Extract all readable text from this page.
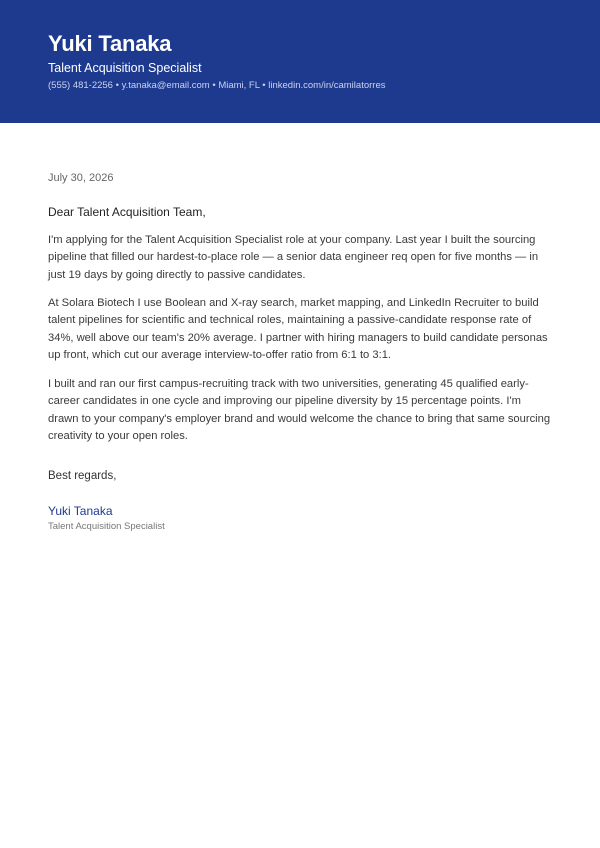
Yuki Tanaka
Talent Acquisition Specialist
(555) 481-2256 • y.tanaka@email.com • Miami, FL • linkedin.com/in/camilatorres
July 30, 2026
Dear Talent Acquisition Team,

I'm applying for the Talent Acquisition Specialist role at your company. Last year I built the sourcing pipeline that filled our hardest-to-place role — a senior data engineer req open for five months — in just 19 days by going directly to passive candidates.

At Solara Biotech I use Boolean and X-ray search, market mapping, and LinkedIn Recruiter to build talent pipelines for scientific and technical roles, maintaining a passive-candidate response rate of 34%, well above our team's 20% average. I partner with hiring managers to build candidate personas up front, which cut our average interview-to-offer ratio from 6:1 to 3:1.

I built and ran our first campus-recruiting track with two universities, generating 45 qualified early-career candidates in one cycle and improving our pipeline diversity by 15 percentage points. I'm drawn to your company's employer brand and would welcome the chance to bring that same sourcing creativity to your open roles.

Best regards,
Yuki Tanaka
Talent Acquisition Specialist
